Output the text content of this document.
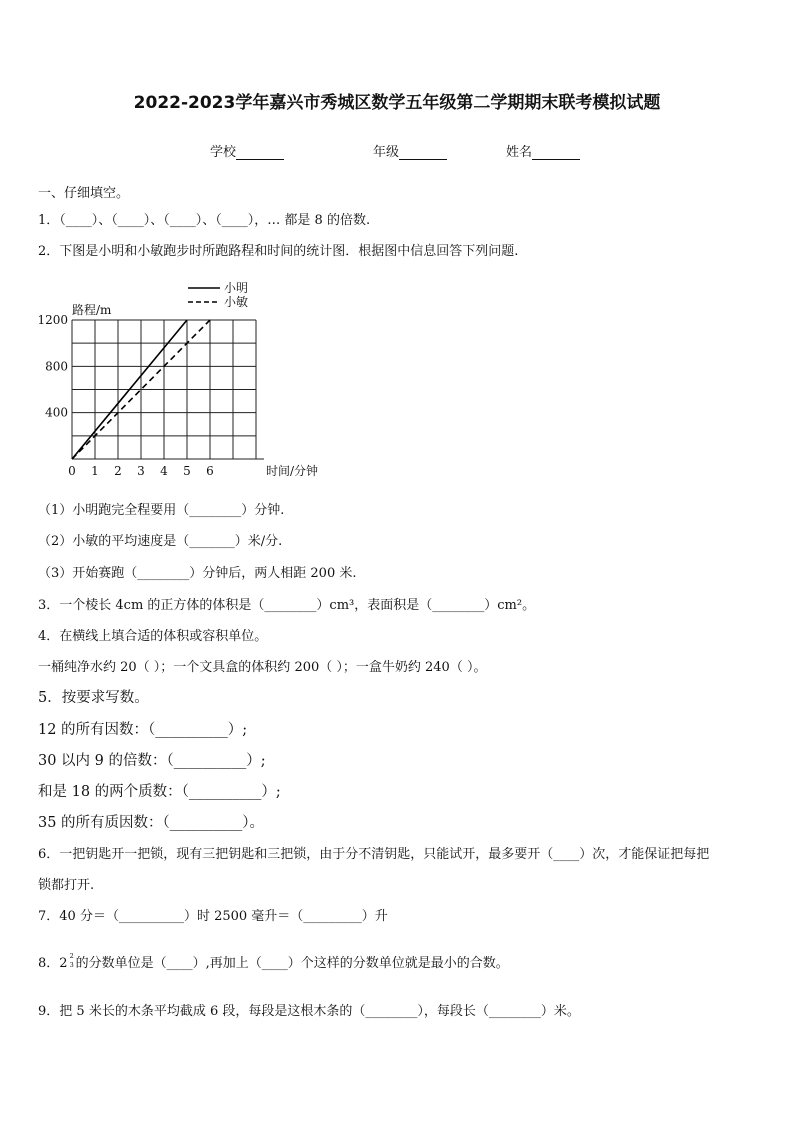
2022-2023学年嘉兴市秀城区数学五年级第二学期期末联考模拟试题
学校	年级	姓名
一、仔细填空。
1．（____）、（____）、（____）、（____），… 都是 8 的倍数.
2．下图是小明和小敏跑步时所跑路程和时间的统计图．根据图中信息回答下列问题.
小明
小敏
0 1 2 3 4 5 6
400
800
1200
路程/m
时间/分钟
（1）小明跑完全程要用（________）分钟.
（2）小敏的平均速度是（_______）米/分.
（3）开始赛跑（________）分钟后，两人相距 200 米.
3．一个棱长 4cm 的正方体的体积是（________）cm³，表面积是（________）cm²。
4．在横线上填合适的体积或容积单位。
一桶纯净水约 20（ ）；一个文具盒的体积约 200（ ）；一盒牛奶约 240（ ）。
5．按要求写数。
12 的所有因数：（__________）;
30 以内 9 的倍数：（__________）;
和是 18 的两个质数：（__________）;
35 的所有质因数：（__________）。
6．一把钥匙开一把锁，现有三把钥匙和三把锁，由于分不清钥匙，只能试开，最多要开（____）次，才能保证把每把
锁都打开.
7．40 分＝（__________）时 2500 毫升＝（_________）升
8．2 2
3 的分数单位是（____）,再加上（____）个这样的分数单位就是最小的合数。
9．把 5 米长的木条平均截成 6 段，每段是这根木条的（________），每段长（________）米。
